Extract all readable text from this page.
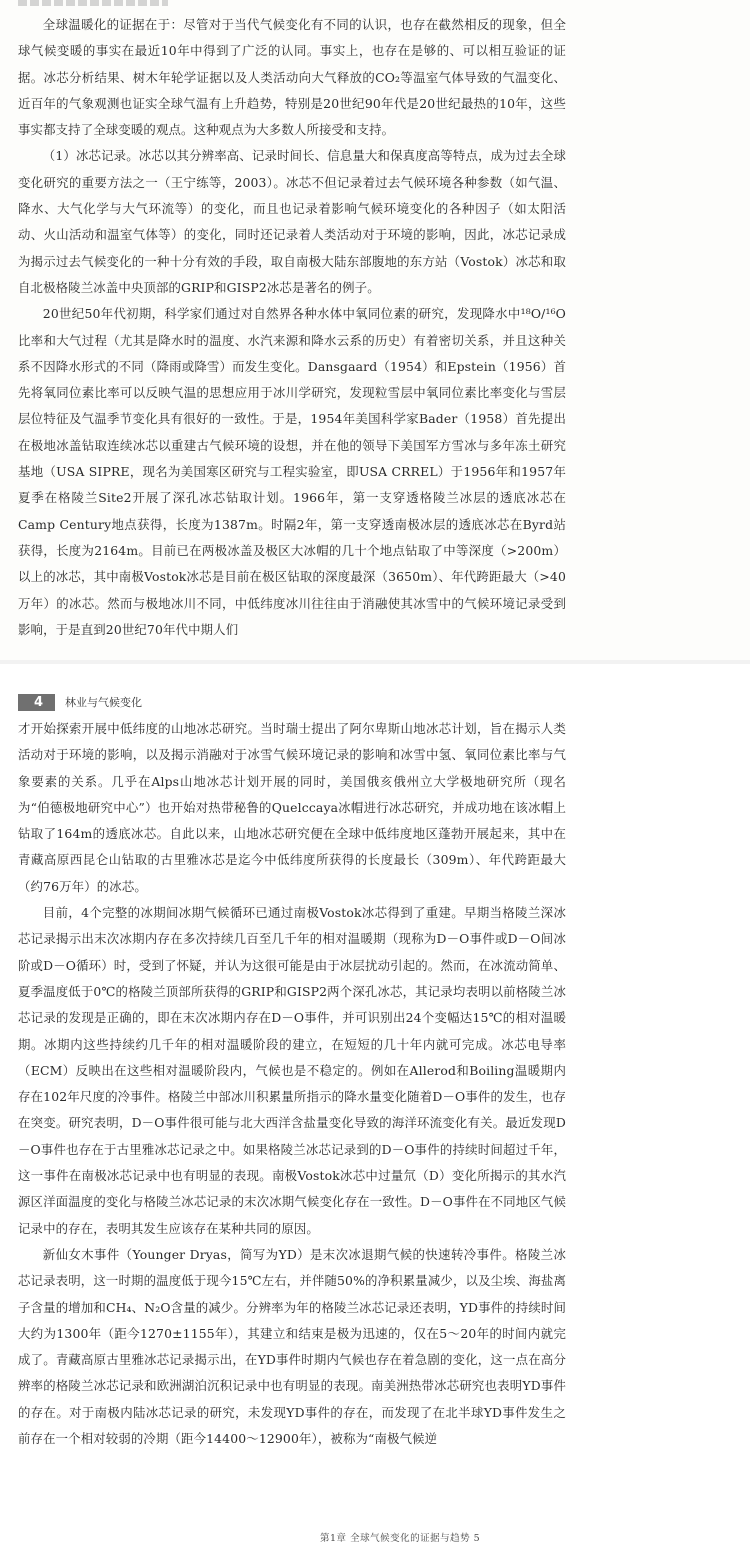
全球温暖化的证据在于：尽管对于当代气候变化有不同的认识，也存在截然相反的现象，但全球气候变暖的事实在最近10年中得到了广泛的认同。事实上，也存在是够的、可以相互验证的证据。冰芯分析结果、树木年轮学证据以及人类活动向大气释放的CO₂等温室气体导致的气温变化、近百年的气象观测也证实全球气温有上升趋势，特别是20世纪90年代是20世纪最热的10年，这些事实都支持了全球变暖的观点。这种观点为大多数人所接受和支持。

（1）冰芯记录。冰芯以其分辨率高、记录时间长、信息量大和保真度高等特点，成为过去全球变化研究的重要方法之一（王宁练等，2003）。冰芯不但记录着过去气候环境各种参数（如气温、降水、大气化学与大气环流等）的变化，而且也记录着影响气候环境变化的各种因子（如太阳活动、火山活动和温室气体等）的变化，同时还记录着人类活动对于环境的影响，因此，冰芯记录成为揭示过去气候变化的一种十分有效的手段，取自南极大陆东部腹地的东方站（Vostok）冰芯和取自北极格陵兰冰盖中央顶部的GRIP和GISP2冰芯是著名的例子。

20世纪50年代初期，科学家们通过对自然界各种水体中氧同位素的研究，发现降水中¹⁸O/¹⁶O比率和大气过程（尤其是降水时的温度、水汽来源和降水云系的历史）有着密切关系，并且这种关系不因降水形式的不同（降雨或降雪）而发生变化。Dansgaard（1954）和Epstein（1956）首先将氧同位素比率可以反映气温的思想应用于冰川学研究，发现粒雪层中氧同位素比率变化与雪层层位特征及气温季节变化具有很好的一致性。于是，1954年美国科学家Bader（1958）首先提出在极地冰盖钻取连续冰芯以重建古气候环境的设想，并在他的领导下美国军方雪冰与多年冻土研究基地（USA SIPRE，现名为美国寒区研究与工程实验室，即USA CRREL）于1956年和1957年夏季在格陵兰Site2开展了深孔冰芯钻取计划。1966年，第一支穿透格陵兰冰层的透底冰芯在Camp Century地点获得，长度为1387m。时隔2年，第一支穿透南极冰层的透底冰芯在Byrd站获得，长度为2164m。目前已在两极冰盖及极区大冰帽的几十个地点钻取了中等深度（>200m）以上的冰芯，其中南极Vostok冰芯是目前在极区钻取的深度最深（3650m）、年代跨距最大（>40万年）的冰芯。然而与极地冰川不同，中低纬度冰川往往由于消融使其冰雪中的气候环境记录受到影响，于是直到20世纪70年代中期人们

4	林业与气候变化

才开始探索开展中低纬度的山地冰芯研究。当时瑞士提出了阿尔卑斯山地冰芯计划，旨在揭示人类活动对于环境的影响，以及揭示消融对于冰雪气候环境记录的影响和冰雪中氢、氧同位素比率与气象要素的关系。几乎在Alps山地冰芯计划开展的同时，美国俄亥俄州立大学极地研究所（现名为“伯德极地研究中心”）也开始对热带秘鲁的Quelccaya冰帽进行冰芯研究，并成功地在该冰帽上钻取了164m的透底冰芯。自此以来，山地冰芯研究便在全球中低纬度地区蓬勃开展起来，其中在青藏高原西昆仑山钻取的古里雅冰芯是迄今中低纬度所获得的长度最长（309m）、年代跨距最大（约76万年）的冰芯。

目前，4个完整的冰期间冰期气候循环已通过南极Vostok冰芯得到了重建。早期当格陵兰深冰芯记录揭示出末次冰期内存在多次持续几百至几千年的相对温暖期（现称为D－O事件或D－O间冰阶或D－O循环）时，受到了怀疑，并认为这很可能是由于冰层扰动引起的。然而，在冰流动简单、夏季温度低于0℃的格陵兰顶部所获得的GRIP和GISP2两个深孔冰芯，其记录均表明以前格陵兰冰芯记录的发现是正确的，即在末次冰期内存在D－O事件，并可识别出24个变幅达15℃的相对温暖期。冰期内这些持续约几千年的相对温暖阶段的建立，在短短的几十年内就可完成。冰芯电导率（ECM）反映出在这些相对温暖阶段内，气候也是不稳定的。例如在Allerod和Boiling温暖期内存在102年尺度的冷事件。格陵兰中部冰川积累量所指示的降水量变化随着D－O事件的发生，也存在突变。研究表明，D－O事件很可能与北大西洋含盐量变化导致的海洋环流变化有关。最近发现D－O事件也存在于古里雅冰芯记录之中。如果格陵兰冰芯记录到的D－O事件的持续时间超过千年，这一事件在南极冰芯记录中也有明显的表现。南极Vostok冰芯中过量氘（D）变化所揭示的其水汽源区洋面温度的变化与格陵兰冰芯记录的末次冰期气候变化存在一致性。D－O事件在不同地区气候记录中的存在，表明其发生应该存在某种共同的原因。

新仙女木事件（Younger Dryas，简写为YD）是末次冰退期气候的快速转冷事件。格陵兰冰芯记录表明，这一时期的温度低于现今15℃左右，并伴随50%的净积累量减少，以及尘埃、海盐离子含量的增加和CH₄、N₂O含量的减少。分辨率为年的格陵兰冰芯记录还表明，YD事件的持续时间大约为1300年（距今1270±1155年），其建立和结束是极为迅速的，仅在5～20年的时间内就完成了。青藏高原古里雅冰芯记录揭示出，在YD事件时期内气候也存在着急剧的变化，这一点在高分辨率的格陵兰冰芯记录和欧洲湖泊沉积记录中也有明显的表现。南美洲热带冰芯研究也表明YD事件的存在。对于南极内陆冰芯记录的研究，未发现YD事件的存在，而发现了在北半球YD事件发生之前存在一个相对较弱的冷期（距今14400～12900年），被称为“南极气候逆

第1章 全球气候变化的证据与趋势 5
